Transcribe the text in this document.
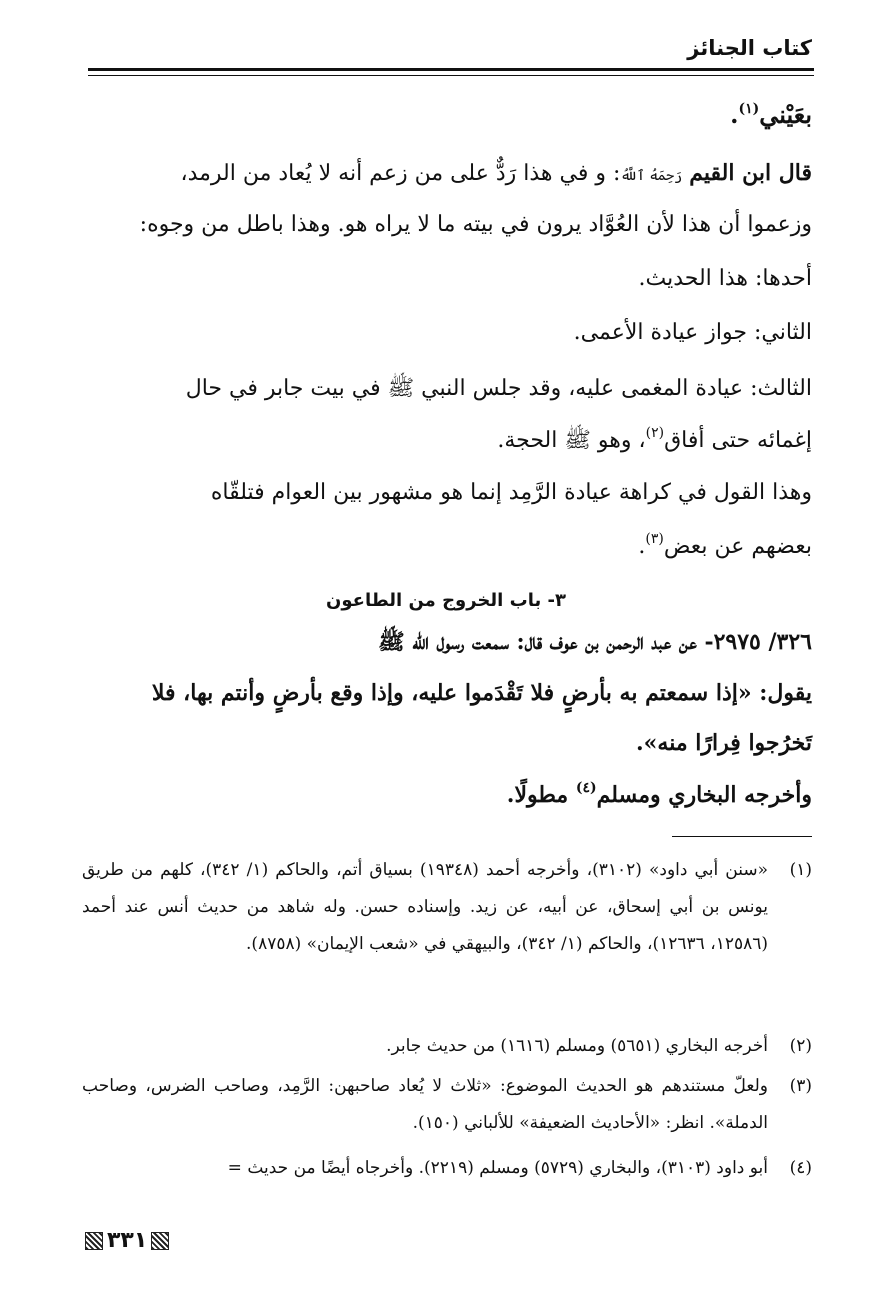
كتاب الجنائز
بعَيْني$^{(١)}$.
قال ابن القيم رَحِمَهُ ٱللَّهُ: و في هذا رَدٌّ على من زعم أنه لا يُعاد من الرمد،
وزعموا أن هذا لأن العُوَّاد يرون في بيته ما لا يراه هو. وهذا باطل من وجوه:
أحدها: هذا الحديث.
الثاني: جواز عيادة الأعمى.
الثالث: عيادة المغمى عليه، وقد جلس النبي ﷺ في بيت جابر في حال
إغمائه حتى أفاق$^{(٢)}$، وهو ﷺ الحجة.
وهذا القول في كراهة عيادة الرَّمِد إنما هو مشهور بين العوام فتلقّاه
بعضهم عن بعض$^{(٣)}$.
٣- باب الخروج من الطاعون
٣٢٦/ ٢٩٧٥- عن عبد الرحمن بن عوف قال: سمعت رسول الله ﷺ
يقول: «إذا سمعتم به بأرضٍ فلا تَقْدَموا عليه، وإذا وقع بأرضٍ وأنتم بها، فلا
تَخرُجوا فِرارًا منه».
وأخرجه البخاري ومسلم$^{(٤)}$ مطولًا.
(١)
«سنن أبي داود» (٣١٠٢)، وأخرجه أحمد (١٩٣٤٨) بسياق أتم، والحاكم (١/ ٣٤٢)، كلهم من طريق يونس بن أبي إسحاق، عن أبيه، عن زيد. وإسناده حسن. وله شاهد من حديث أنس عند أحمد (١٢٥٨٦، ١٢٦٣٦)، والحاكم (١/ ٣٤٢)، والبيهقي في «شعب الإيمان» (٨٧٥٨).
(٢)
أخرجه البخاري (٥٦٥١) ومسلم (١٦١٦) من حديث جابر.
(٣)
ولعلّ مستندهم هو الحديث الموضوع: «ثلاث لا يُعاد صاحبهن: الرَّمِد، وصاحب الضرس، وصاحب الدملة». انظر: «الأحاديث الضعيفة» للألباني (١٥٠).
(٤)
أبو داود (٣١٠٣)، والبخاري (٥٧٢٩) ومسلم (٢٢١٩). وأخرجاه أيضًا من حديث =
٣٣١
